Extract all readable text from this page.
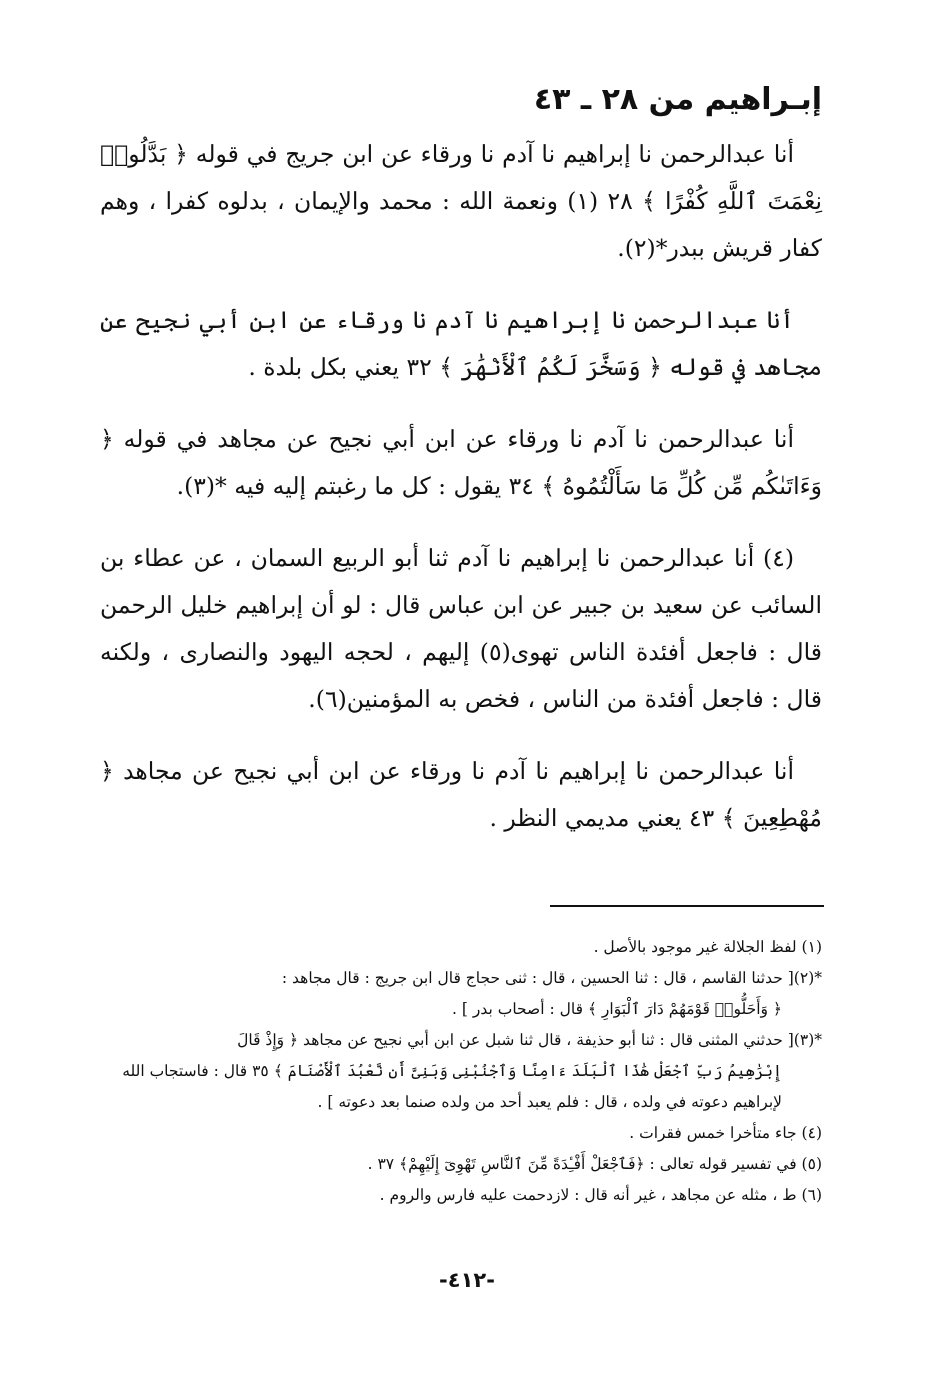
إبـراهيم من ٢٨ ـ ٤٣

أنا عبدالرحمن نا إبراهيم نا آدم نا ورقاء عن ابن جريج في قوله ﴿ بَدَّلُوا۟ نِعْمَتَ ٱللَّهِ كُفْرًا ﴾ ٢٨ (١) ونعمة الله : محمد والإيمان ، بدلوه كفرا ، وهم كفار قريش ببدر*(٢).

أنا عبدالرحمن نا إبراهيم نا آدم نا ورقاء عن ابن أبي نجيح عن مجاهد في قوله ﴿ وَسَخَّرَ لَكُمُ ٱلْأَنْهَٰرَ ﴾ ٣٢ يعني بكل بلدة .

أنا عبدالرحمن نا آدم نا ورقاء عن ابن أبي نجيح عن مجاهد في قوله ﴿ وَءَاتَىٰكُم مِّن كُلِّ مَا سَأَلْتُمُوهُ ﴾ ٣٤ يقول : كل ما رغبتم إليه فيه *(٣).

(٤) أنا عبدالرحمن نا إبراهيم نا آدم ثنا أبو الربيع السمان ، عن عطاء بن السائب عن سعيد بن جبير عن ابن عباس قال : لو أن إبراهيم خليل الرحمن قال : فاجعل أفئدة الناس تهوى(٥) إليهم ، لحجه اليهود والنصارى ، ولكنه قال : فاجعل أفئدة من الناس ، فخص به المؤمنين(٦).

أنا عبدالرحمن نا إبراهيم نا آدم نا ورقاء عن ابن أبي نجيح عن مجاهد ﴿ مُهْطِعِينَ ﴾ ٤٣ يعني مديمي النظر .

(١) لفظ الجلالة غير موجود بالأصل .

*(٢)[ حدثنا القاسم ، قال : ثنا الحسين ، قال : ثنى حجاج قال ابن جريج : قال مجاهد :

﴿ وَأَحَلُّوا۟ قَوْمَهُمْ دَارَ ٱلْبَوَارِ ﴾ قال : أصحاب بدر ] .

*(٣)[ حدثني المثنى قال : ثنا أبو حذيفة ، قال ثنا شبل عن ابن أبي نجيح عن مجاهد ﴿ وَإِذْ قَالَ

إِبْرَٰهِيمُ رَبِّ ٱجْعَلْ هَٰذَا ٱلْبَلَدَ ءَامِنًا وَٱجْنُبْنِى وَبَنِىَّ أَن نَّعْبُدَ ٱلْأَصْنَامَ ﴾ ٣٥ قال : فاستجاب الله

لإبراهيم دعوته في ولده ، قال : فلم يعبد أحد من ولده صنما بعد دعوته ] .

(٤) جاء متأخرا خمس فقرات .

(٥) في تفسير قوله تعالى : ﴿فَٱجْعَلْ أَفْـِٔدَةً مِّنَ ٱلنَّاسِ تَهْوِىٓ إِلَيْهِمْ﴾ ٣٧ .

(٦) ط ، مثله عن مجاهد ، غير أنه قال : لازدحمت عليه فارس والروم .

-٤١٢-
